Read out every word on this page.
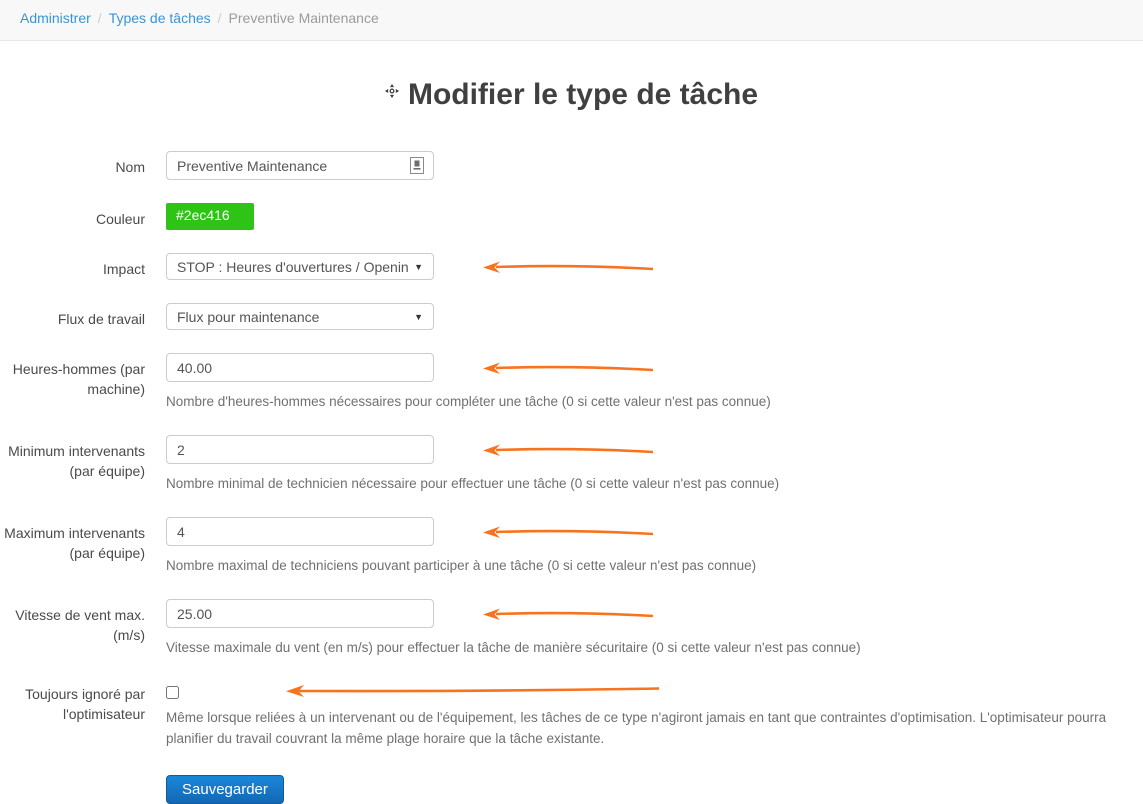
Administrer / Types de tâches / Preventive Maintenance
Modifier le type de tâche
Nom
Preventive Maintenance
Couleur	#2ec416
Impact STOP : Heures d'ouvertures / Openin ▼
Flux de travail Flux pour maintenance	▼
Heures-hommes (par machine)
40.00
Nombre d'heures-hommes nécessaires pour compléter une tâche (0 si cette valeur n'est pas connue)
Minimum intervenants (par équipe)
2
Nombre minimal de technicien nécessaire pour effectuer une tâche (0 si cette valeur n'est pas connue)
Maximum intervenants (par équipe)
4
Nombre maximal de techniciens pouvant participer à une tâche (0 si cette valeur n'est pas connue)
Vitesse de vent max. (m/s)
25.00
Vitesse maximale du vent (en m/s) pour effectuer la tâche de manière sécuritaire (0 si cette valeur n'est pas connue)
Toujours ignoré par l'optimisateur Même lorsque reliées à un intervenant ou de l'équipement, les tâches de ce type n'agiront jamais en tant que contraintes d'optimisation. L'optimisateur pourra planifier du travail couvrant la même plage horaire que la tâche existante.
Sauvegarder
